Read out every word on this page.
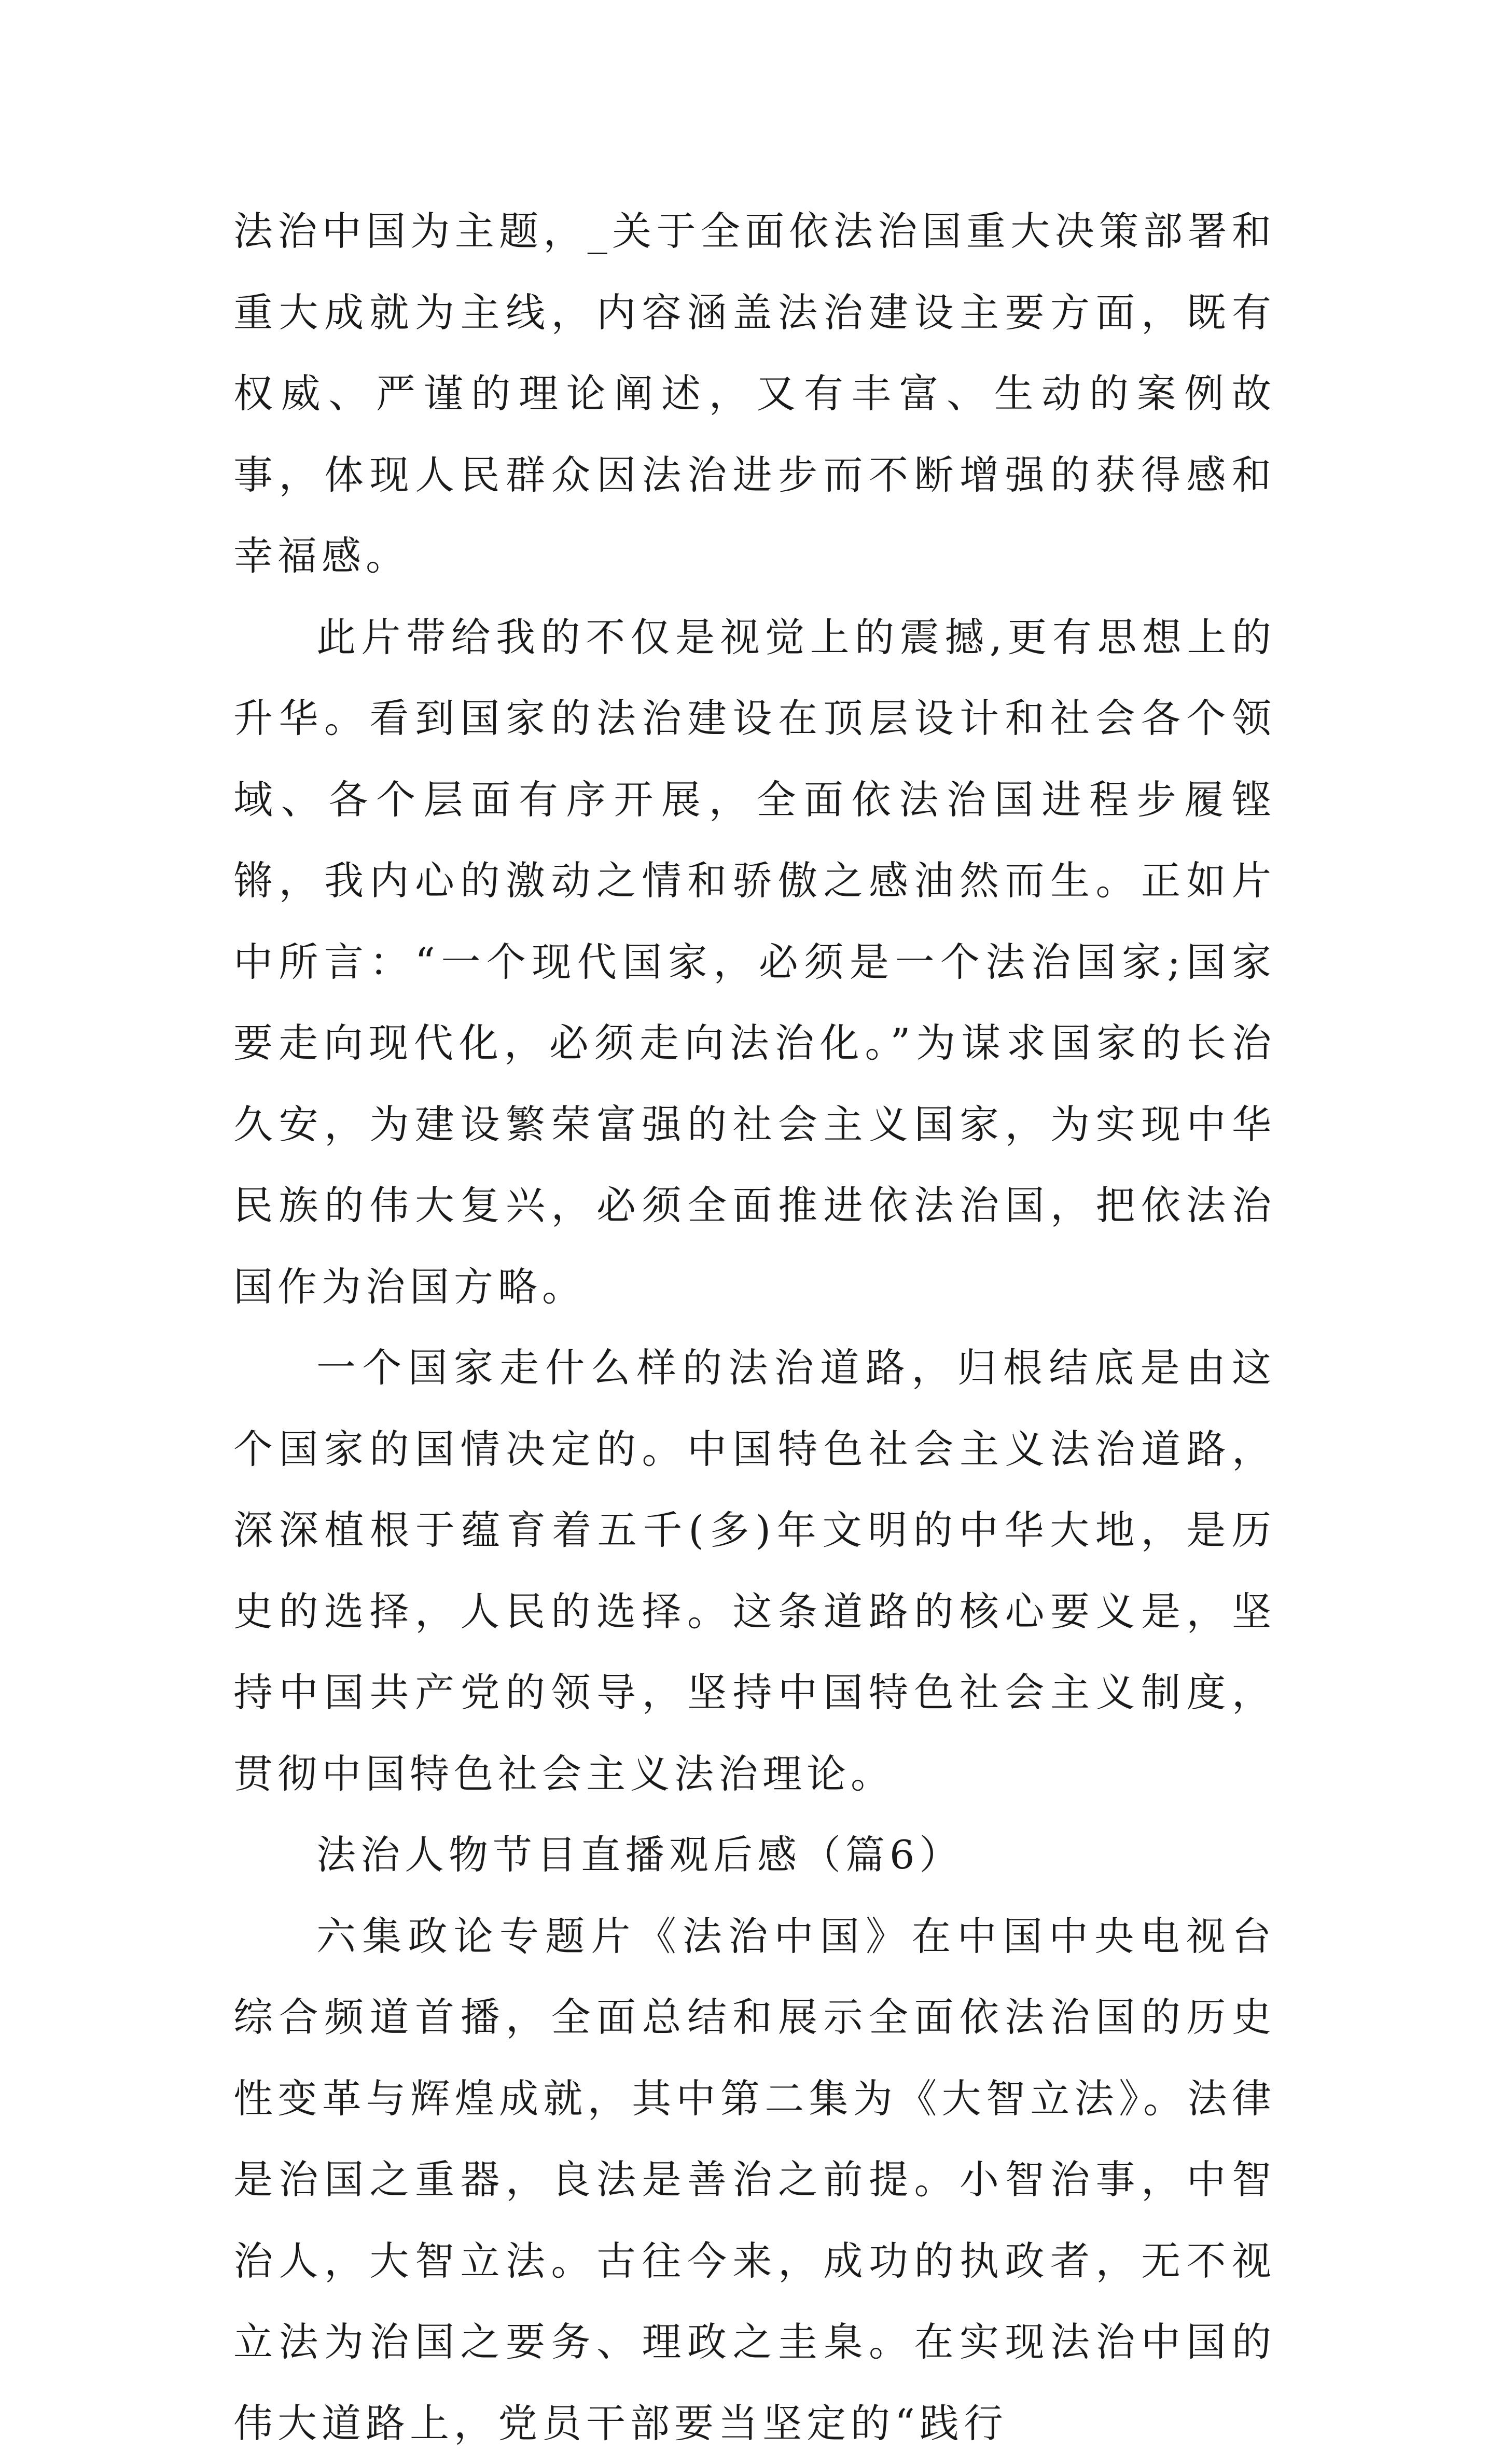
法治中国为主题，_关于全面依法治国重大决策部署和重大成就为主线，内容涵盖法治建设主要方面，既有权威、严谨的理论阐述，又有丰富、生动的案例故事，体现人民群众因法治进步而不断增强的获得感和幸福感。

此片带给我的不仅是视觉上的震撼,更有思想上的升华。看到国家的法治建设在顶层设计和社会各个领域、各个层面有序开展，全面依法治国进程步履铿锵，我内心的激动之情和骄傲之感油然而生。正如片中所言：“一个现代国家，必须是一个法治国家;国家要走向现代化，必须走向法治化。”为谋求国家的长治久安，为建设繁荣富强的社会主义国家，为实现中华民族的伟大复兴，必须全面推进依法治国，把依法治国作为治国方略。

一个国家走什么样的法治道路，归根结底是由这个国家的国情决定的。中国特色社会主义法治道路，深深植根于蕴育着五千(多)年文明的中华大地，是历史的选择，人民的选择。这条道路的核心要义是，坚持中国共产党的领导，坚持中国特色社会主义制度，贯彻中国特色社会主义法治理论。

法治人物节目直播观后感（篇6）

六集政论专题片《法治中国》在中国中央电视台综合频道首播，全面总结和展示全面依法治国的历史性变革与辉煌成就，其中第二集为《大智立法》。法律是治国之重器，良法是善治之前提。小智治事，中智治人，大智立法。古往今来，成功的执政者，无不视立法为治国之要务、理政之圭臬。在实现法治中国的伟大道路上，党员干部要当坚定的“践行
